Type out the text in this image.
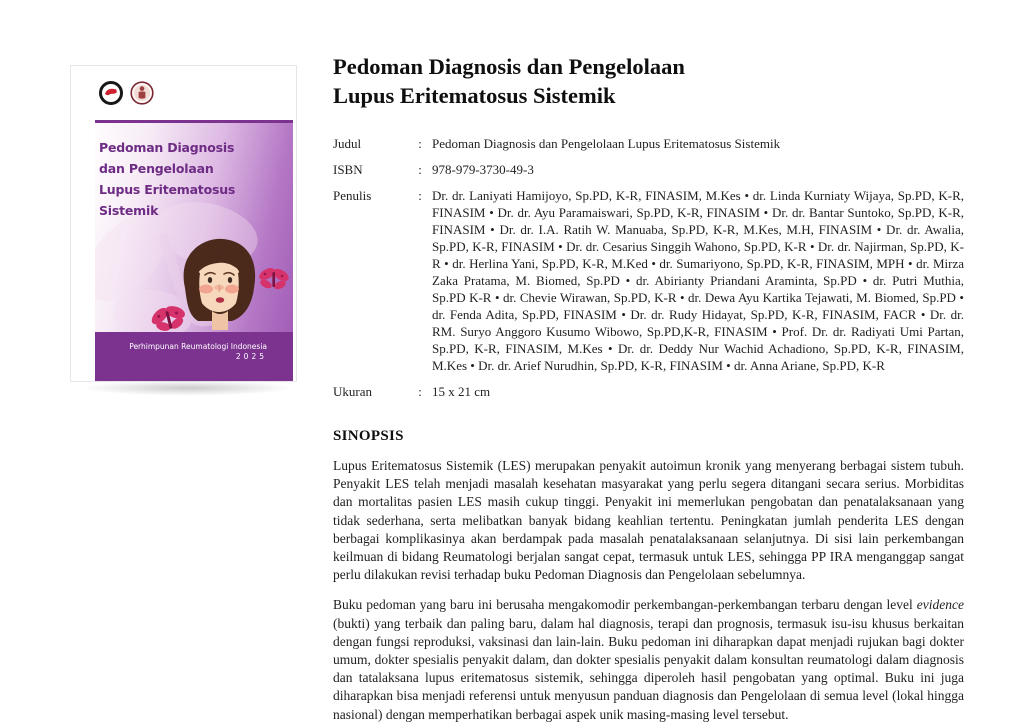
Pedoman Diagnosis
dan Pengelolaan
Lupus Eritematosus Sistemik
Perhimpunan Reumatologi Indonesia
2025
Pedoman Diagnosis dan Pengelolaan
Lupus Eritematosus Sistemik
Judul	: Pedoman Diagnosis dan Pengelolaan Lupus Eritematosus Sistemik
ISBN	: 978-979-3730-49-3
Penulis	: Dr. dr. Laniyati Hamijoyo, Sp.PD, K-R, FINASIM, M.Kes • dr. Linda Kurniaty Wijaya, Sp.PD, K-R, FINASIM • Dr. dr. Ayu Paramaiswari, Sp.PD, K-R, FINASIM • Dr. dr. Bantar Suntoko, Sp.PD, K-R, FINASIM • Dr. dr. I.A. Ratih W. Manuaba, Sp.PD, K-R, M.Kes, M.H, FINASIM • Dr. dr. Awalia, Sp.PD, K-R, FINASIM • Dr. dr. Cesarius Singgih Wahono, Sp.PD, K-R • Dr. dr. Najirman, Sp.PD, K-R • dr. Herlina Yani, Sp.PD, K-R, M.Ked • dr. Sumariyono, Sp.PD, K-R, FINASIM, MPH • dr. Mirza Zaka Pratama, M. Biomed, Sp.PD • dr. Abirianty Priandani Araminta, Sp.PD • dr. Putri Muthia, Sp.PD K-R • dr. Chevie Wirawan, Sp.PD, K-R • dr. Dewa Ayu Kartika Tejawati, M. Biomed, Sp.PD • dr. Fenda Adita, Sp.PD, FINASIM • Dr. dr. Rudy Hidayat, Sp.PD, K-R, FINASIM, FACR • Dr. dr. RM. Suryo Anggoro Kusumo Wibowo, Sp.PD,K-R, FINASIM • Prof. Dr. dr. Radiyati Umi Partan, Sp.PD, K-R, FINASIM, M.Kes • Dr. dr. Deddy Nur Wachid Achadiono, Sp.PD, K-R, FINASIM, M.Kes • Dr. dr. Arief Nurudhin, Sp.PD, K-R, FINASIM • dr. Anna Ariane, Sp.PD, K-R
Ukuran	: 15 x 21 cm
SINOPSIS

Lupus Eritematosus Sistemik (LES) merupakan penyakit autoimun kronik yang menyerang berbagai sistem tubuh. Penyakit LES telah menjadi masalah kesehatan masyarakat yang perlu segera ditangani secara serius. Morbiditas dan mortalitas pasien LES masih cukup tinggi. Penyakit ini memerlukan pengobatan dan penatalaksanaan yang tidak sederhana, serta melibatkan banyak bidang keahlian tertentu. Peningkatan jumlah penderita LES dengan berbagai komplikasinya akan berdampak pada masalah penatalaksanaan selanjutnya. Di sisi lain perkembangan keilmuan di bidang Reumatologi berjalan sangat cepat, termasuk untuk LES, sehingga PP IRA menganggap sangat perlu dilakukan revisi terhadap buku Pedoman Diagnosis dan Pengelolaan sebelumnya.

Buku pedoman yang baru ini berusaha mengakomodir perkembangan-perkembangan terbaru dengan level evidence (bukti) yang terbaik dan paling baru, dalam hal diagnosis, terapi dan prognosis, termasuk isu-isu khusus berkaitan dengan fungsi reproduksi, vaksinasi dan lain-lain. Buku pedoman ini diharapkan dapat menjadi rujukan bagi dokter umum, dokter spesialis penyakit dalam, dan dokter spesialis penyakit dalam konsultan reumatologi dalam diagnosis dan tatalaksana lupus eritematosus sistemik, sehingga diperoleh hasil pengobatan yang optimal. Buku ini juga diharapkan bisa menjadi referensi untuk menyusun panduan diagnosis dan Pengelolaan di semua level (lokal hingga nasional) dengan memperhatikan berbagai aspek unik masing-masing level tersebut.
